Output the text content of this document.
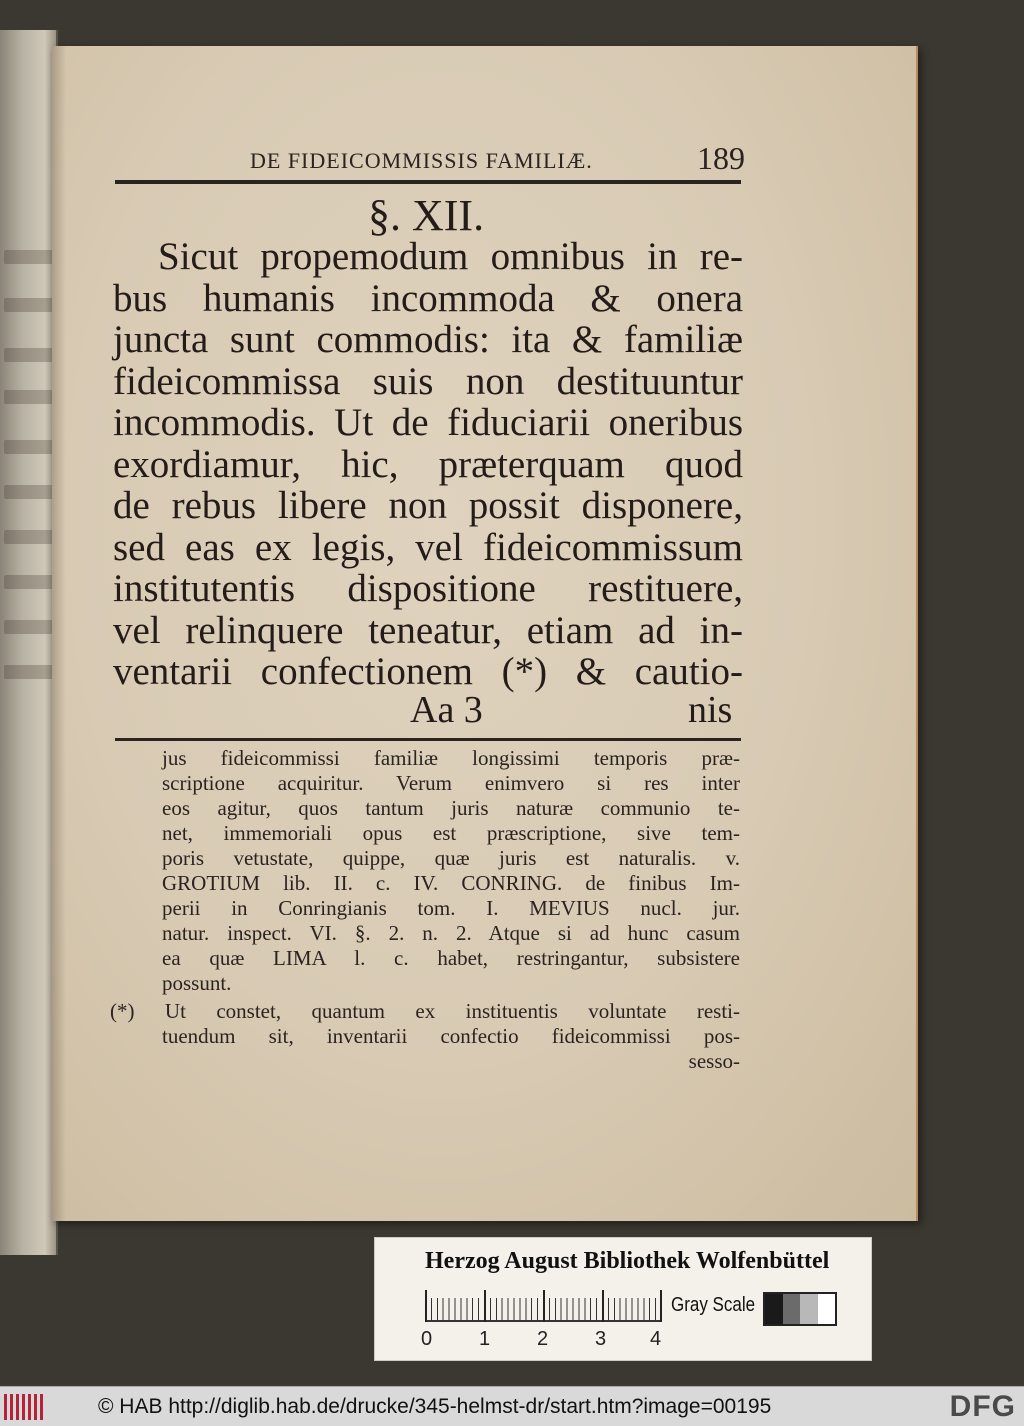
DE FIDEICOMMISSIS FAMILIÆ.	189
§. XII.
Sicut propemodum omnibus in re-
bus humanis incommoda & onera
juncta sunt commodis: ita & familiæ
fideicommissa suis non destituuntur
incommodis. Ut de fiduciarii oneribus
exordiamur, hic, præterquam quod
de rebus libere non possit disponere,
sed eas ex legis, vel fideicommissum
institutentis dispositione restituere,
vel relinquere teneatur, etiam ad in-
ventarii confectionem (*) & cautio-
Aa 3	nis
jus fideicommissi familiæ longissimi temporis præ-
scriptione acquiritur. Verum enimvero si res inter
eos agitur, quos tantum juris naturæ communio te-
net, immemoriali opus est præscriptione, sive tem-
poris vetustate, quippe, quæ juris est naturalis. v.
GROTIUM lib. II. c. IV. CONRING. de finibus Im-
perii in Conringianis tom. I. MEVIUS nucl. jur.
natur. inspect. VI. §. 2. n. 2. Atque si ad hunc casum
ea quæ LIMA l. c. habet, restringantur, subsistere
possunt.
(*) Ut constet, quantum ex instituentis voluntate resti-
tuendum sit, inventarii confectio fideicommissi pos-
sesso-
Herzog August Bibliothek Wolfenbüttel
0 1 2 3 4
Gray Scale
© HAB http://diglib.hab.de/drucke/345-helmst-dr/start.htm?image=00195	DFG
